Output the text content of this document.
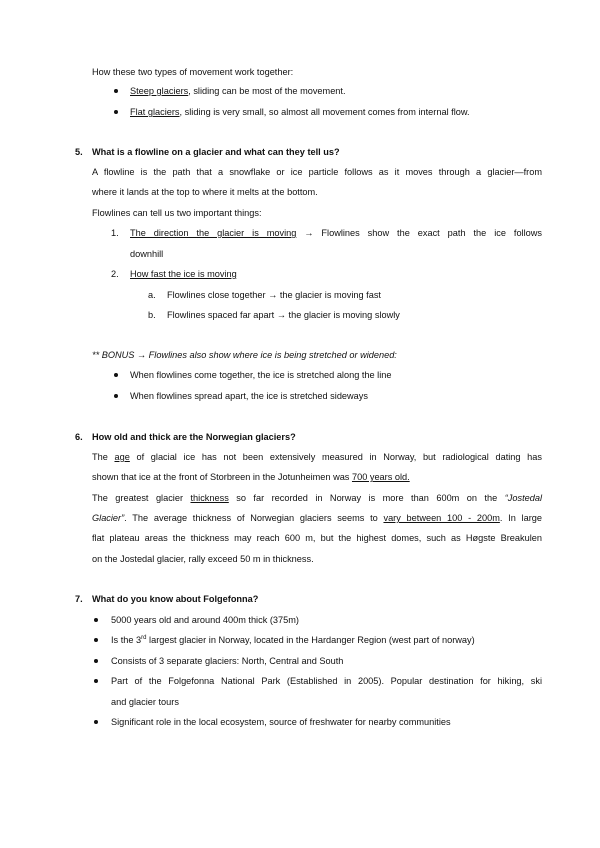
How these two types of movement work together:
Steep glaciers, sliding can be most of the movement.
Flat glaciers, sliding is very small, so almost all movement comes from internal flow.
5. What is a flowline on a glacier and what can they tell us?
A flowline is the path that a snowflake or ice particle follows as it moves through a glacier—from
where it lands at the top to where it melts at the bottom.
Flowlines can tell us two important things:
1. The direction the glacier is moving → Flowlines show the exact path the ice follows
downhill
2. How fast the ice is moving
a. Flowlines close together → the glacier is moving fast
b. Flowlines spaced far apart → the glacier is moving slowly
** BONUS → Flowlines also show where ice is being stretched or widened:
When flowlines come together, the ice is stretched along the line
When flowlines spread apart, the ice is stretched sideways
6. How old and thick are the Norwegian glaciers?
The age of glacial ice has not been extensively measured in Norway, but radiological dating has
shown that ice at the front of Storbreen in the Jotunheimen was 700 years old.
The greatest glacier thickness so far recorded in Norway is more than 600m on the “Jostedal
Glacier”. The average thickness of Norwegian glaciers seems to vary between 100 - 200m. In large
flat plateau areas the thickness may reach 600 m, but the highest domes, such as Høgste Breakulen
on the Jostedal glacier, rally exceed 50 m in thickness.
7. What do you know about Folgefonna?
5000 years old and around 400m thick (375m)
Is the 3rd largest glacier in Norway, located in the Hardanger Region (west part of norway)
Consists of 3 separate glaciers: North, Central and South
Part of the Folgefonna National Park (Established in 2005). Popular destination for hiking, ski
and glacier tours
Significant role in the local ecosystem, source of freshwater for nearby communities
